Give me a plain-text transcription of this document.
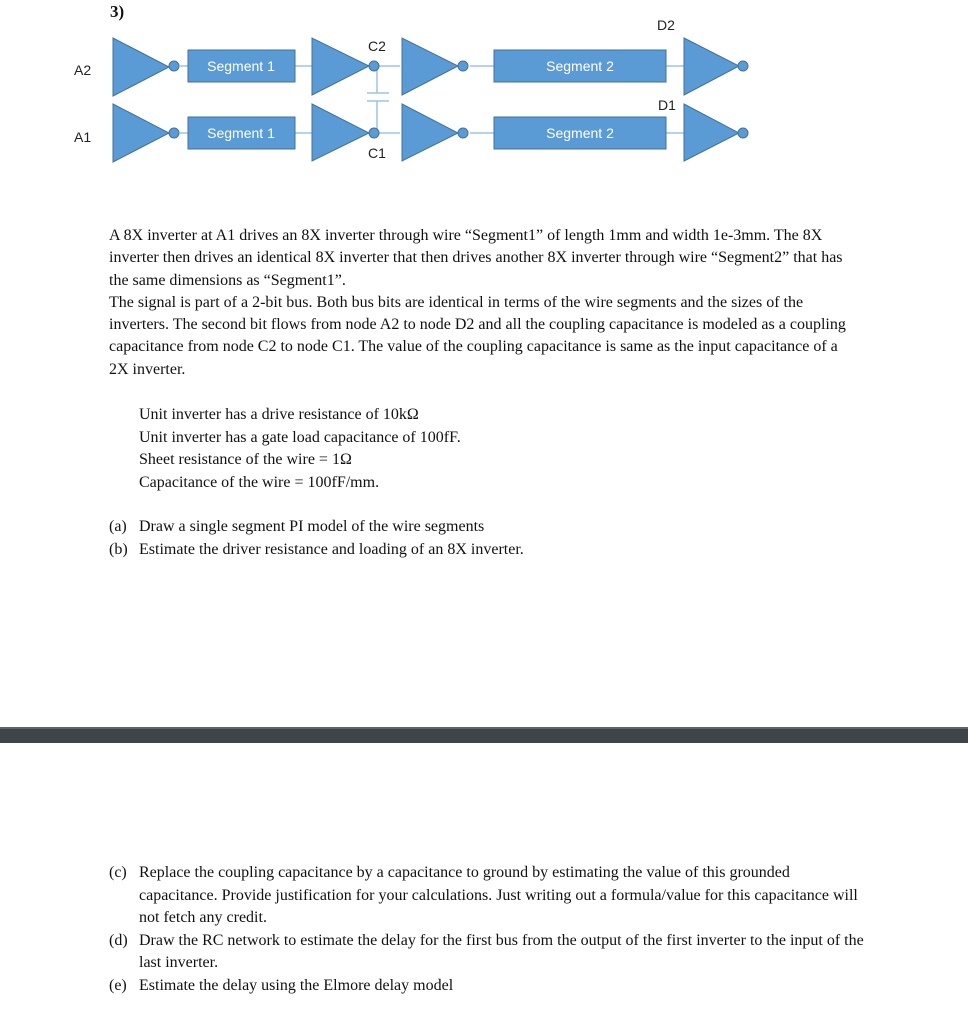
3)
A2
A1
C2
C1
D2
D1
Segment 1	Segment 2
Segment 1	Segment 2

A 8X inverter at A1 drives an 8X inverter through wire “Segment1” of length 1mm and width 1e-3mm. The 8X inverter then drives an identical 8X inverter that then drives another 8X inverter through wire “Segment2” that has the same dimensions as “Segment1”.

The signal is part of a 2-bit bus. Both bus bits are identical in terms of the wire segments and the sizes of the inverters. The second bit flows from node A2 to node D2 and all the coupling capacitance is modeled as a coupling capacitance from node C2 to node C1. The value of the coupling capacitance is same as the input capacitance of a 2X inverter.

Unit inverter has a drive resistance of 10kΩ
Unit inverter has a gate load capacitance of 100fF.
Sheet resistance of the wire = 1Ω
Capacitance of the wire = 100fF/mm.
(a) Draw a single segment PI model of the wire segments
(b) Estimate the driver resistance and loading of an 8X inverter.
(c) Replace the coupling capacitance by a capacitance to ground by estimating the value of this grounded capacitance. Provide justification for your calculations. Just writing out a formula/value for this capacitance will not fetch any credit.
(d) Draw the RC network to estimate the delay for the first bus from the output of the first inverter to the input of the last inverter.
(e) Estimate the delay using the Elmore delay model
